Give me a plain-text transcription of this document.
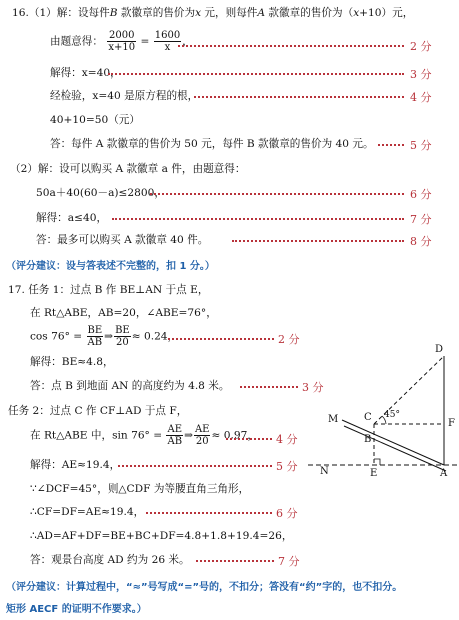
16.（1）解：设每件B 款徽章的售价为x 元，则每件A 款徽章的售价为（x+10）元，
由题意得： $\frac{2000}{x+10} = \frac{1600}{x}$ ，	2 分
解得：x=40，	3 分
经检验，x=40 是原方程的根，	4 分
40+10=50（元）
答：每件 A 款徽章的售价为 50 元，每件 B 款徽章的售价为 40 元。	5 分
（2）解：设可以购买 A 款徽章 a 件，由题意得：
50a＋40(60－a)≤2800，	6 分
解得：a≤40，	7 分
答：最多可以购买 A 款徽章 40 件。	8 分
（评分建议：设与答表述不完整的，扣 1 分。）
17. 任务 1：过点 B 作 BE⊥AN 于点 E，
在 Rt△ABE，AB=20，∠ABE=76°，
$\cos 76^\circ = \frac{BE}{AB}$ ⇒ $\frac{BE}{20} \approx 0.24$，	2 分
解得：BE≈4.8，
答：点 B 到地面 AN 的高度约为 4.8 米。	3 分
任务 2：过点 C 作 CF⊥AD 于点 F，
在 Rt△ABE 中，$\sin 76^\circ = \frac{AE}{AB}$ ⇒ $\frac{AE}{20} \approx 0.97$， 4 分
解得：AE≈19.4，	5 分
∵∠DCF=45°，则△CDF 为等腰直角三角形，
∴CF=DF=AE≈19.4，	6 分
∴AD=AF+DF=BE+BC+DF=4.8+1.8+19.4=26，
答：观景台高度 AD 约为 26 米。	7 分
（评分建议：计算过程中，“≈”号写成“=”号的，不扣分；答没有“约”字的，也不扣分。
矩形 AECF 的证明不作要求。）
D
C 45°
F
M
B
N	E	A
